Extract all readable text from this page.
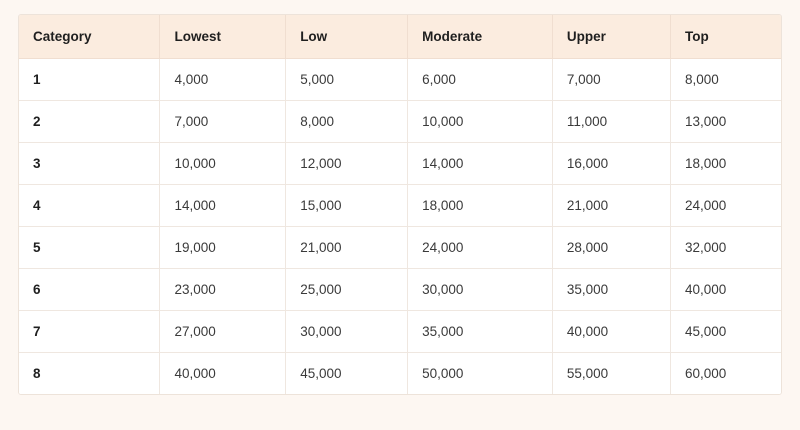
Category	Lowest	Low	Moderate	Upper	Top
1	4,000	5,000	6,000	7,000	8,000
2	7,000	8,000	10,000	11,000	13,000
3	10,000	12,000	14,000	16,000	18,000
4	14,000	15,000	18,000	21,000	24,000
5	19,000	21,000	24,000	28,000	32,000
6	23,000	25,000	30,000	35,000	40,000
7	27,000	30,000	35,000	40,000	45,000
8	40,000	45,000	50,000	55,000	60,000
